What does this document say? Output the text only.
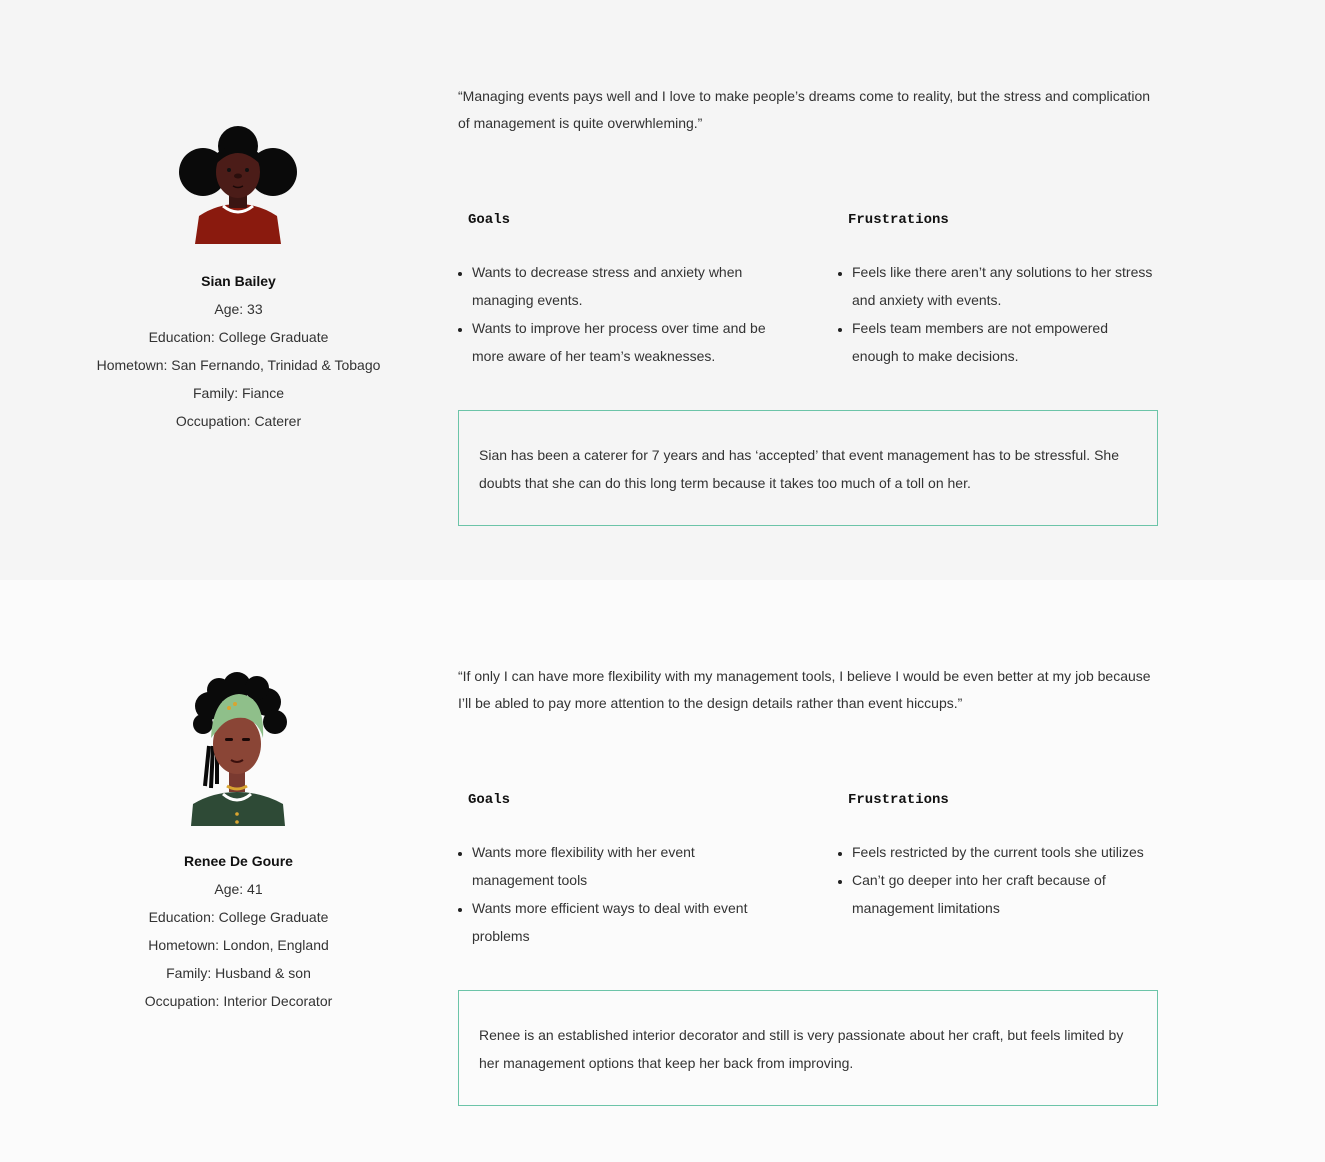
Sian Bailey

Age: 33

Education: College Graduate

Hometown: San Fernando, Trinidad & Tobago

Family: Fiance

Occupation: Caterer

“Managing events pays well and I love to make people’s dreams come to reality, but the stress and complication of management is quite overwhleming.”

Goals
• Wants to decrease stress and anxiety when managing events.
• Wants to improve her process over time and be more aware of her team’s weaknesses.
Frustrations
• Feels like there aren’t any solutions to her stress and anxiety with events.
• Feels team members are not empowered enough to make decisions.
Sian has been a caterer for 7 years and has ‘accepted’ that event management has to be stressful. She doubts that she can do this long term because it takes too much of a toll on her.

Renee De Goure

Age: 41

Education: College Graduate

Hometown: London, England

Family: Husband & son

Occupation: Interior Decorator

“If only I can have more flexibility with my management tools, I believe I would be even better at my job because I’ll be abled to pay more attention to the design details rather than event hiccups.”

Goals
• Wants more flexibility with her event management tools
• Wants more efficient ways to deal with event problems
Frustrations
• Feels restricted by the current tools she utilizes
• Can’t go deeper into her craft because of management limitations
Renee is an established interior decorator and still is very passionate about her craft, but feels limited by her management options that keep her back from improving.
